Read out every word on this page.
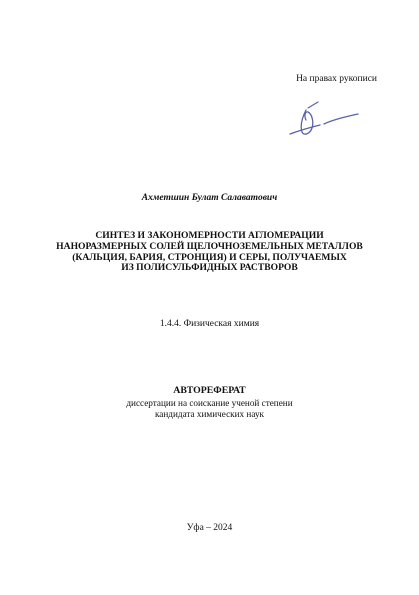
На правах рукописи
Ахметшин Булат Салаватович
СИНТЕЗ И ЗАКОНОМЕРНОСТИ АГЛОМЕРАЦИИ
НАНОРАЗМЕРНЫХ СОЛЕЙ ЩЕЛОЧНОЗЕМЕЛЬНЫХ МЕТАЛЛОВ
(КАЛЬЦИЯ, БАРИЯ, СТРОНЦИЯ) И СЕРЫ, ПОЛУЧАЕМЫХ
ИЗ ПОЛИСУЛЬФИДНЫХ РАСТВОРОВ
1.4.4. Физическая химия
АВТОРЕФЕРАТ
диссертации на соискание ученой степени
кандидата химических наук
Уфа – 2024
